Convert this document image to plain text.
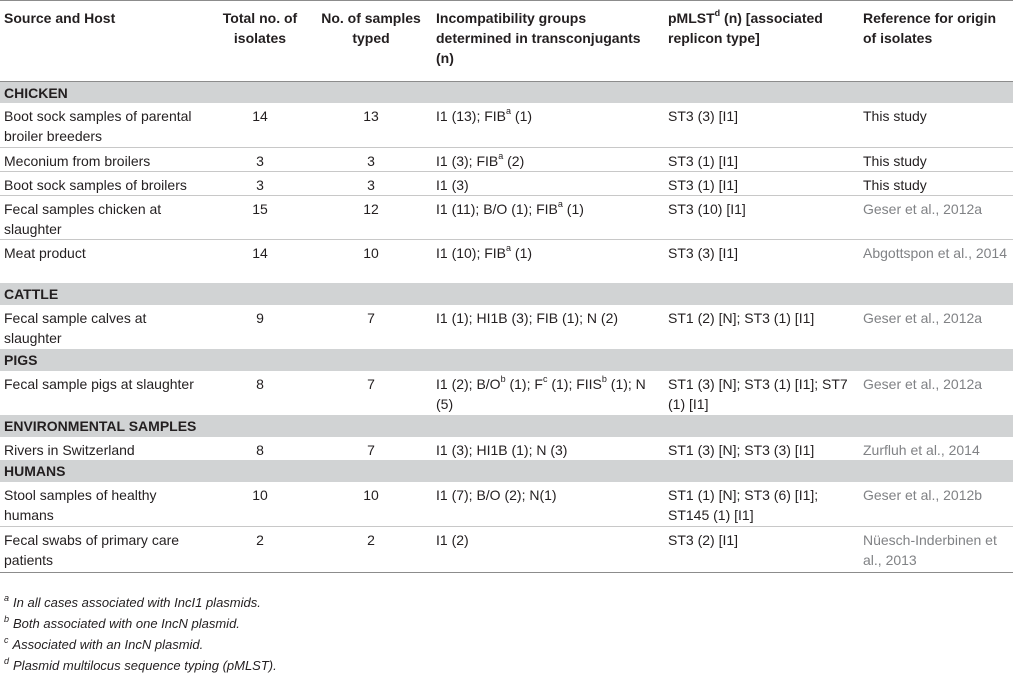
Source and Host	Total no. of isolates	No. of samples typed	Incompatibility groups determined in transconjugants (n)	pMLST$^d$ (n) [associated replicon type]	Reference for origin of isolates
CHICKEN					
Boot sock samples of parental broiler breeders	14	13	I1 (13); FIB$^a$ (1)	ST3 (3) [I1]	This study
Meconium from broilers	3	3	I1 (3); FIB$^a$ (2)	ST3 (1) [I1]	This study
Boot sock samples of broilers	3	3	I1 (3)	ST3 (1) [I1]	This study
Fecal samples chicken at slaughter	15	12	I1 (11); B/O (1); FIB$^a$ (1)	ST3 (10) [I1]	Geser et al., 2012a
Meat product	14	10	I1 (10); FIB$^a$ (1)	ST3 (3) [I1]	Abgottspon et al., 2014
CATTLE					
Fecal sample calves at slaughter	9	7	I1 (1); HI1B (3); FIB (1); N (2)	ST1 (2) [N]; ST3 (1) [I1]	Geser et al., 2012a
PIGS					
Fecal sample pigs at slaughter	8	7	I1 (2); $B/O^b$ (1); $F^c$ (1); FIIS$^b$ (1); N (5)	ST1 (3) [N]; ST3 (1) [I1]; ST7 (1) [I1]	Geser et al., 2012a
ENVIRONMENTAL SAMPLES					
Rivers in Switzerland	8	7	I1 (3); HI1B (1); N (3)	ST1 (3) [N]; ST3 (3) [I1]	Zurfluh et al., 2014
HUMANS					
Stool samples of healthy humans	10	10	I1 (7); B/O (2); N(1)	ST1 (1) [N]; ST3 (6) [I1]; ST145 (1) [I1]	Geser et al., 2012b
Fecal swabs of primary care patients	2	2	I1 (2)	ST3 (2) [I1]	Nüesch-Inderbinen et al., 2013
$^a$ In all cases associated with IncI1 plasmids.
$^b$ Both associated with one IncN plasmid.
$^c$ Associated with an IncN plasmid.
$^d$ Plasmid multilocus sequence typing (pMLST).
